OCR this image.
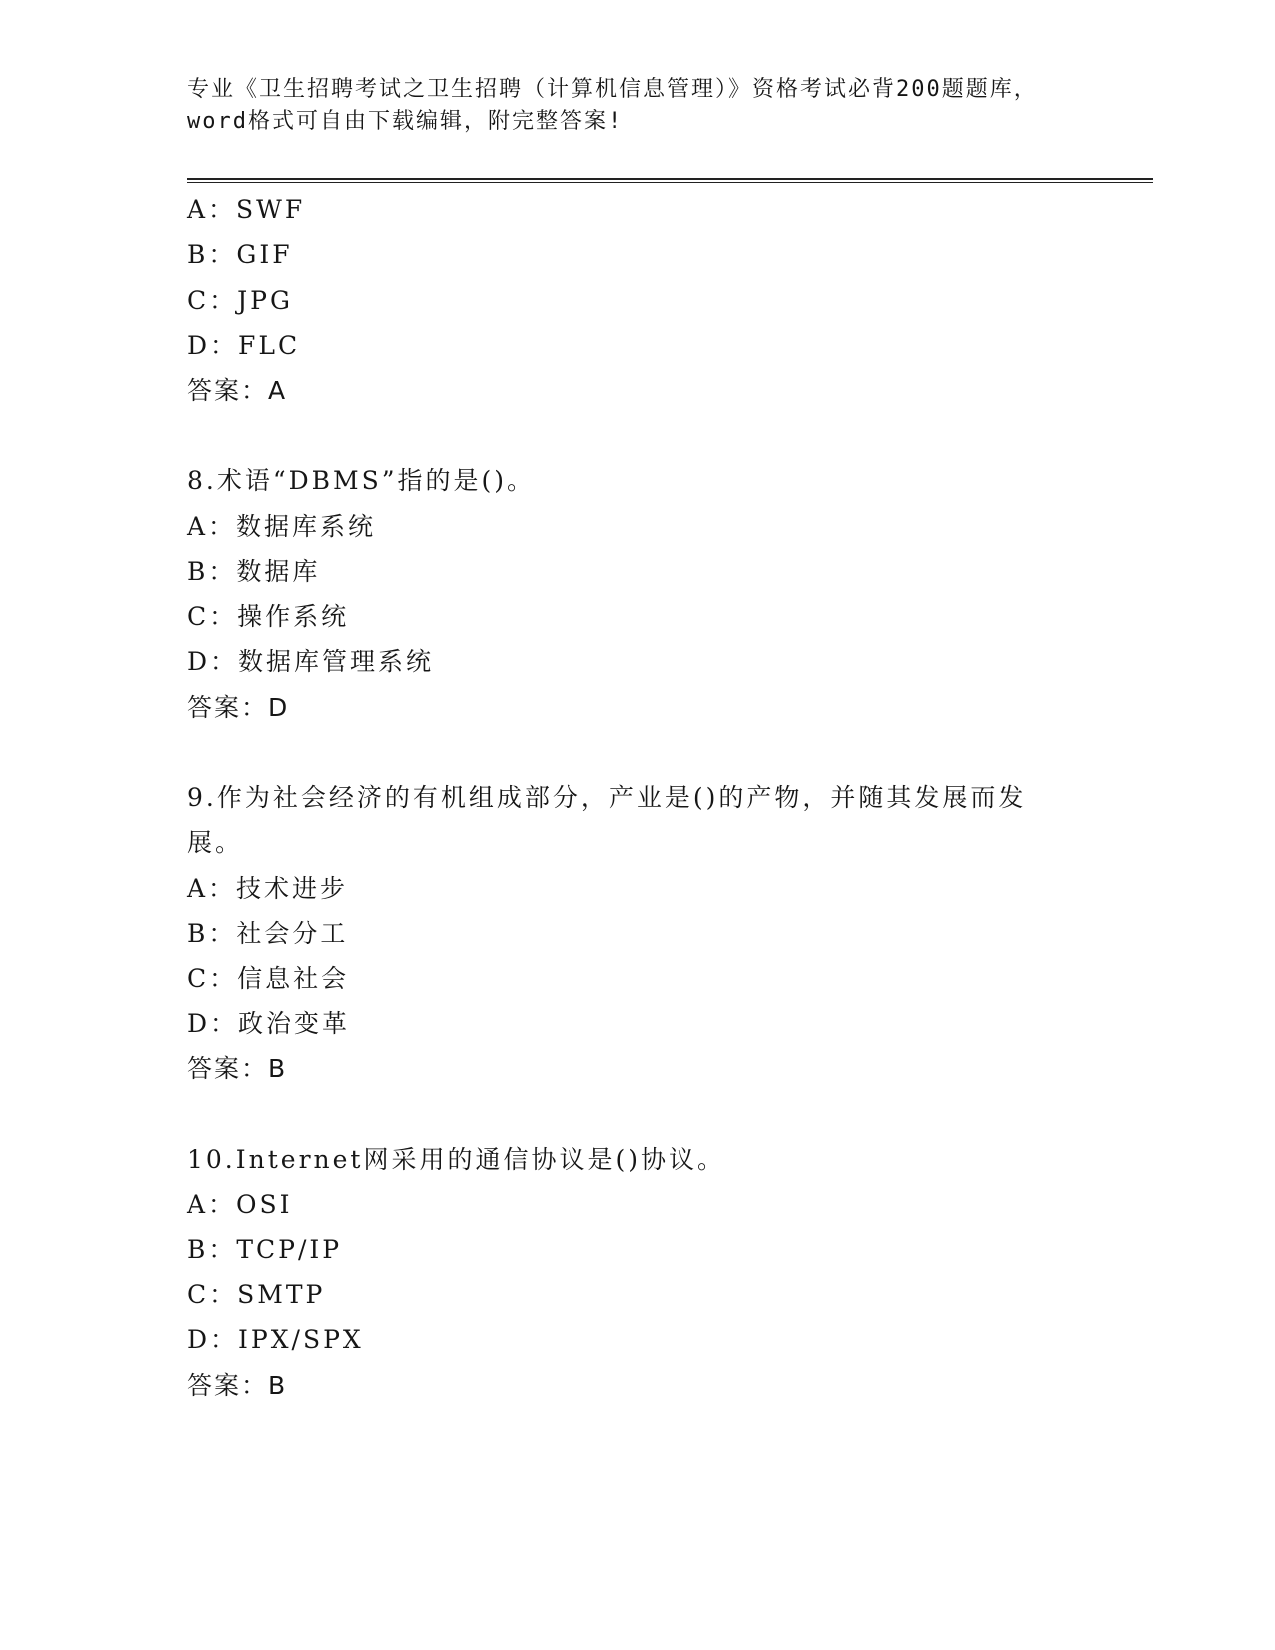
专业《卫生招聘考试之卫生招聘（计算机信息管理）》资格考试必背200题题库，
word格式可自由下载编辑，附完整答案!
A：SWF
B：GIF
C：JPG
D：FLC
答案：A
8.术语“DBMS”指的是()。
A：数据库系统
B：数据库
C：操作系统
D：数据库管理系统
答案：D
9.作为社会经济的有机组成部分，产业是()的产物，并随其发展而发
展。
A：技术进步
B：社会分工
C：信息社会
D：政治变革
答案：B
10.Internet网采用的通信协议是()协议。
A：OSI
B：TCP/IP
C：SMTP
D：IPX/SPX
答案：B
